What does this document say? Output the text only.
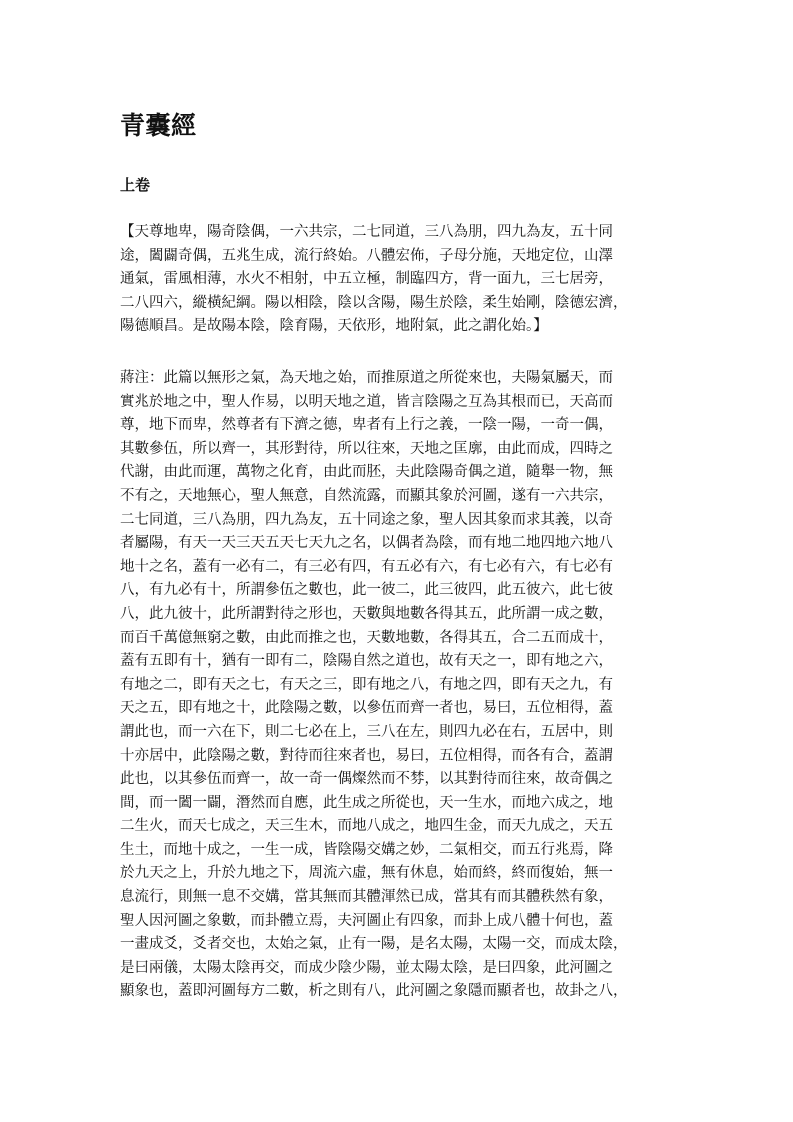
青囊經
上卷
【天尊地卑，陽奇陰偶，一六共宗，二七同道，三八為朋，四九為友，五十同
途，闔闢奇偶，五兆生成，流行終始。八體宏佈，子母分施，天地定位，山澤
通氣，雷風相薄，水火不相射，中五立極，制臨四方，背一面九，三七居旁，
二八四六，縱橫紀綱。陽以相陰，陰以含陽，陽生於陰，柔生始剛，陰德宏濟，
陽德順昌。是故陽本陰，陰育陽，天依形，地附氣，此之謂化始。】
蔣注：此篇以無形之氣，為天地之始，而推原道之所從來也，夫陽氣屬天，而
實兆於地之中，聖人作易，以明天地之道，皆言陰陽之互為其根而已，天高而
尊，地下而卑，然尊者有下濟之德，卑者有上行之義，一陰一陽，一奇一偶，
其數參伍，所以齊一，其形對待，所以往來，天地之匡廓，由此而成，四時之
代謝，由此而運，萬物之化育，由此而胚，夫此陰陽奇偶之道，隨舉一物，無
不有之，天地無心，聖人無意，自然流露，而顯其象於河圖，遂有一六共宗，
二七同道，三八為朋，四九為友，五十同途之象，聖人因其象而求其義，以奇
者屬陽，有天一天三天五天七天九之名，以偶者為陰，而有地二地四地六地八
地十之名，蓋有一必有二，有三必有四，有五必有六，有七必有六，有七必有
八，有九必有十，所謂參伍之數也，此一彼二，此三彼四，此五彼六，此七彼
八，此九彼十，此所謂對待之形也，天數與地數各得其五，此所謂一成之數，
而百千萬億無窮之數，由此而推之也，天數地數，各得其五，合二五而成十，
蓋有五即有十，猶有一即有二，陰陽自然之道也，故有天之一，即有地之六，
有地之二，即有天之七，有天之三，即有地之八，有地之四，即有天之九，有
天之五，即有地之十，此陰陽之數，以參伍而齊一者也，易曰，五位相得，蓋
謂此也，而一六在下，則二七必在上，三八在左，則四九必在右，五居中，則
十亦居中，此陰陽之數，對待而往來者也，易曰，五位相得，而各有合，蓋謂
此也，以其參伍而齊一，故一奇一偶燦然而不棼，以其對待而往來，故奇偶之
間，而一闔一闢，潛然而自應，此生成之所從也，天一生水，而地六成之，地
二生火，而天七成之，天三生木，而地八成之，地四生金，而天九成之，天五
生土，而地十成之，一生一成，皆陰陽交媾之妙，二氣相交，而五行兆焉，降
於九天之上，升於九地之下，周流六虛，無有休息，始而終，終而復始，無一
息流行，則無一息不交媾，當其無而其體渾然已成，當其有而其體秩然有象，
聖人因河圖之象數，而卦體立焉，夫河圖止有四象，而卦上成八體十何也，蓋
一畫成爻，爻者交也，太始之氣，止有一陽，是名太陽，太陽一交，而成太陰，
是曰兩儀，太陽太陰再交，而成少陰少陽，並太陽太陰，是曰四象，此河圖之
顯象也，蓋即河圖每方二數，析之則有八，此河圖之象隱而顯者也，故卦之八，
